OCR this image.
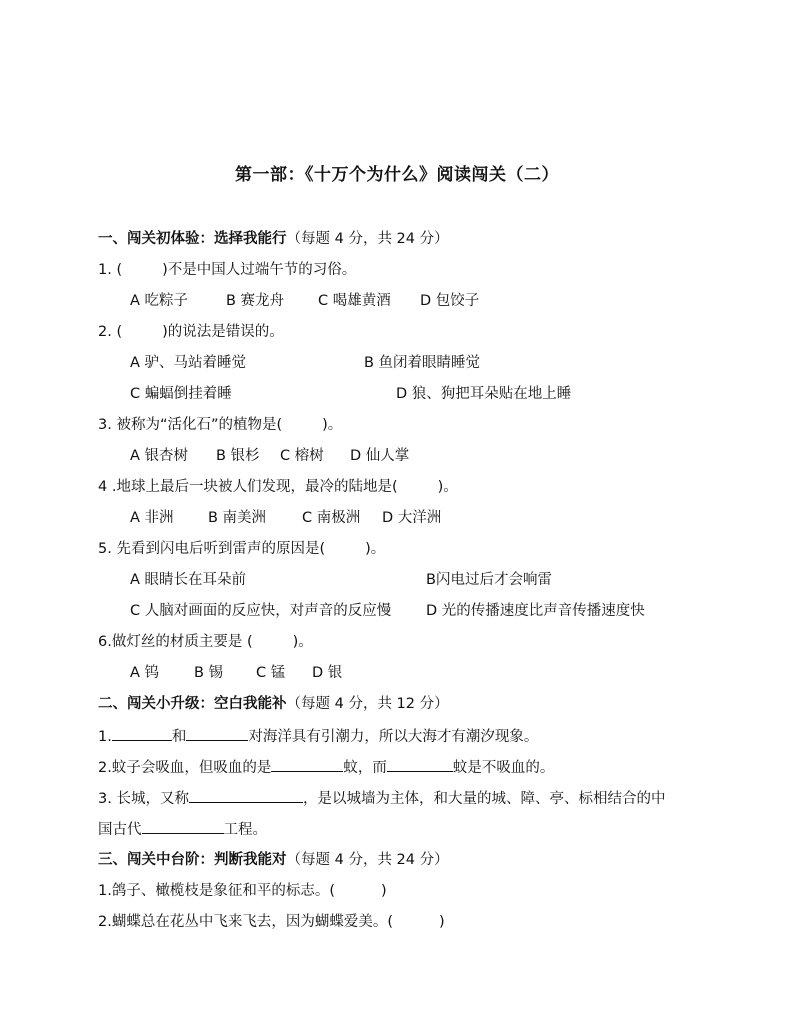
第一部：《十万个为什么》阅读闯关（二）
一、闯关初体验：选择我能行（每题 4 分，共 24 分）
1. (	)不是中国人过端午节的习俗。
A 吃粽子	B 赛龙舟 C 喝雄黄酒 D 包饺子
2. (	)的说法是错误的。
A 驴、马站着睡觉	B 鱼闭着眼睛睡觉
C 蝙蝠倒挂着睡	D 狼、狗把耳朵贴在地上睡
3. 被称为“活化石”的植物是(	)。
A 银杏树 B 银杉 C 榕树 D 仙人掌
4 .地球上最后一块被人们发现，最冷的陆地是(	)。
A 非洲 B 南美洲 C 南极洲 D 大洋洲
5. 先看到闪电后听到雷声的原因是(	)。
A 眼睛长在耳朵前	B闪电过后才会响雷
C 人脑对画面的反应快，对声音的反应慢 D 光的传播速度比声音传播速度快
6.做灯丝的材质主要是 (	)。
A 钨 B 锡 C 锰 D 银
二、闯关小升级：空白我能补（每题 4 分，共 12 分）
1.	和	对海洋具有引潮力，所以大海才有潮汐现象。
2.蚊子会吸血，但吸血的是	蚊，而	蚊是不吸血的。
3. 长城，又称	，是以城墙为主体，和大量的城、障、亭、标相结合的中
国古代	工程。
三、闯关中台阶：判断我能对（每题 4 分，共 24 分）
1.鸽子、橄榄枝是象征和平的标志。(	)
2.蝴蝶总在花丛中飞来飞去，因为蝴蝶爱美。(	)
